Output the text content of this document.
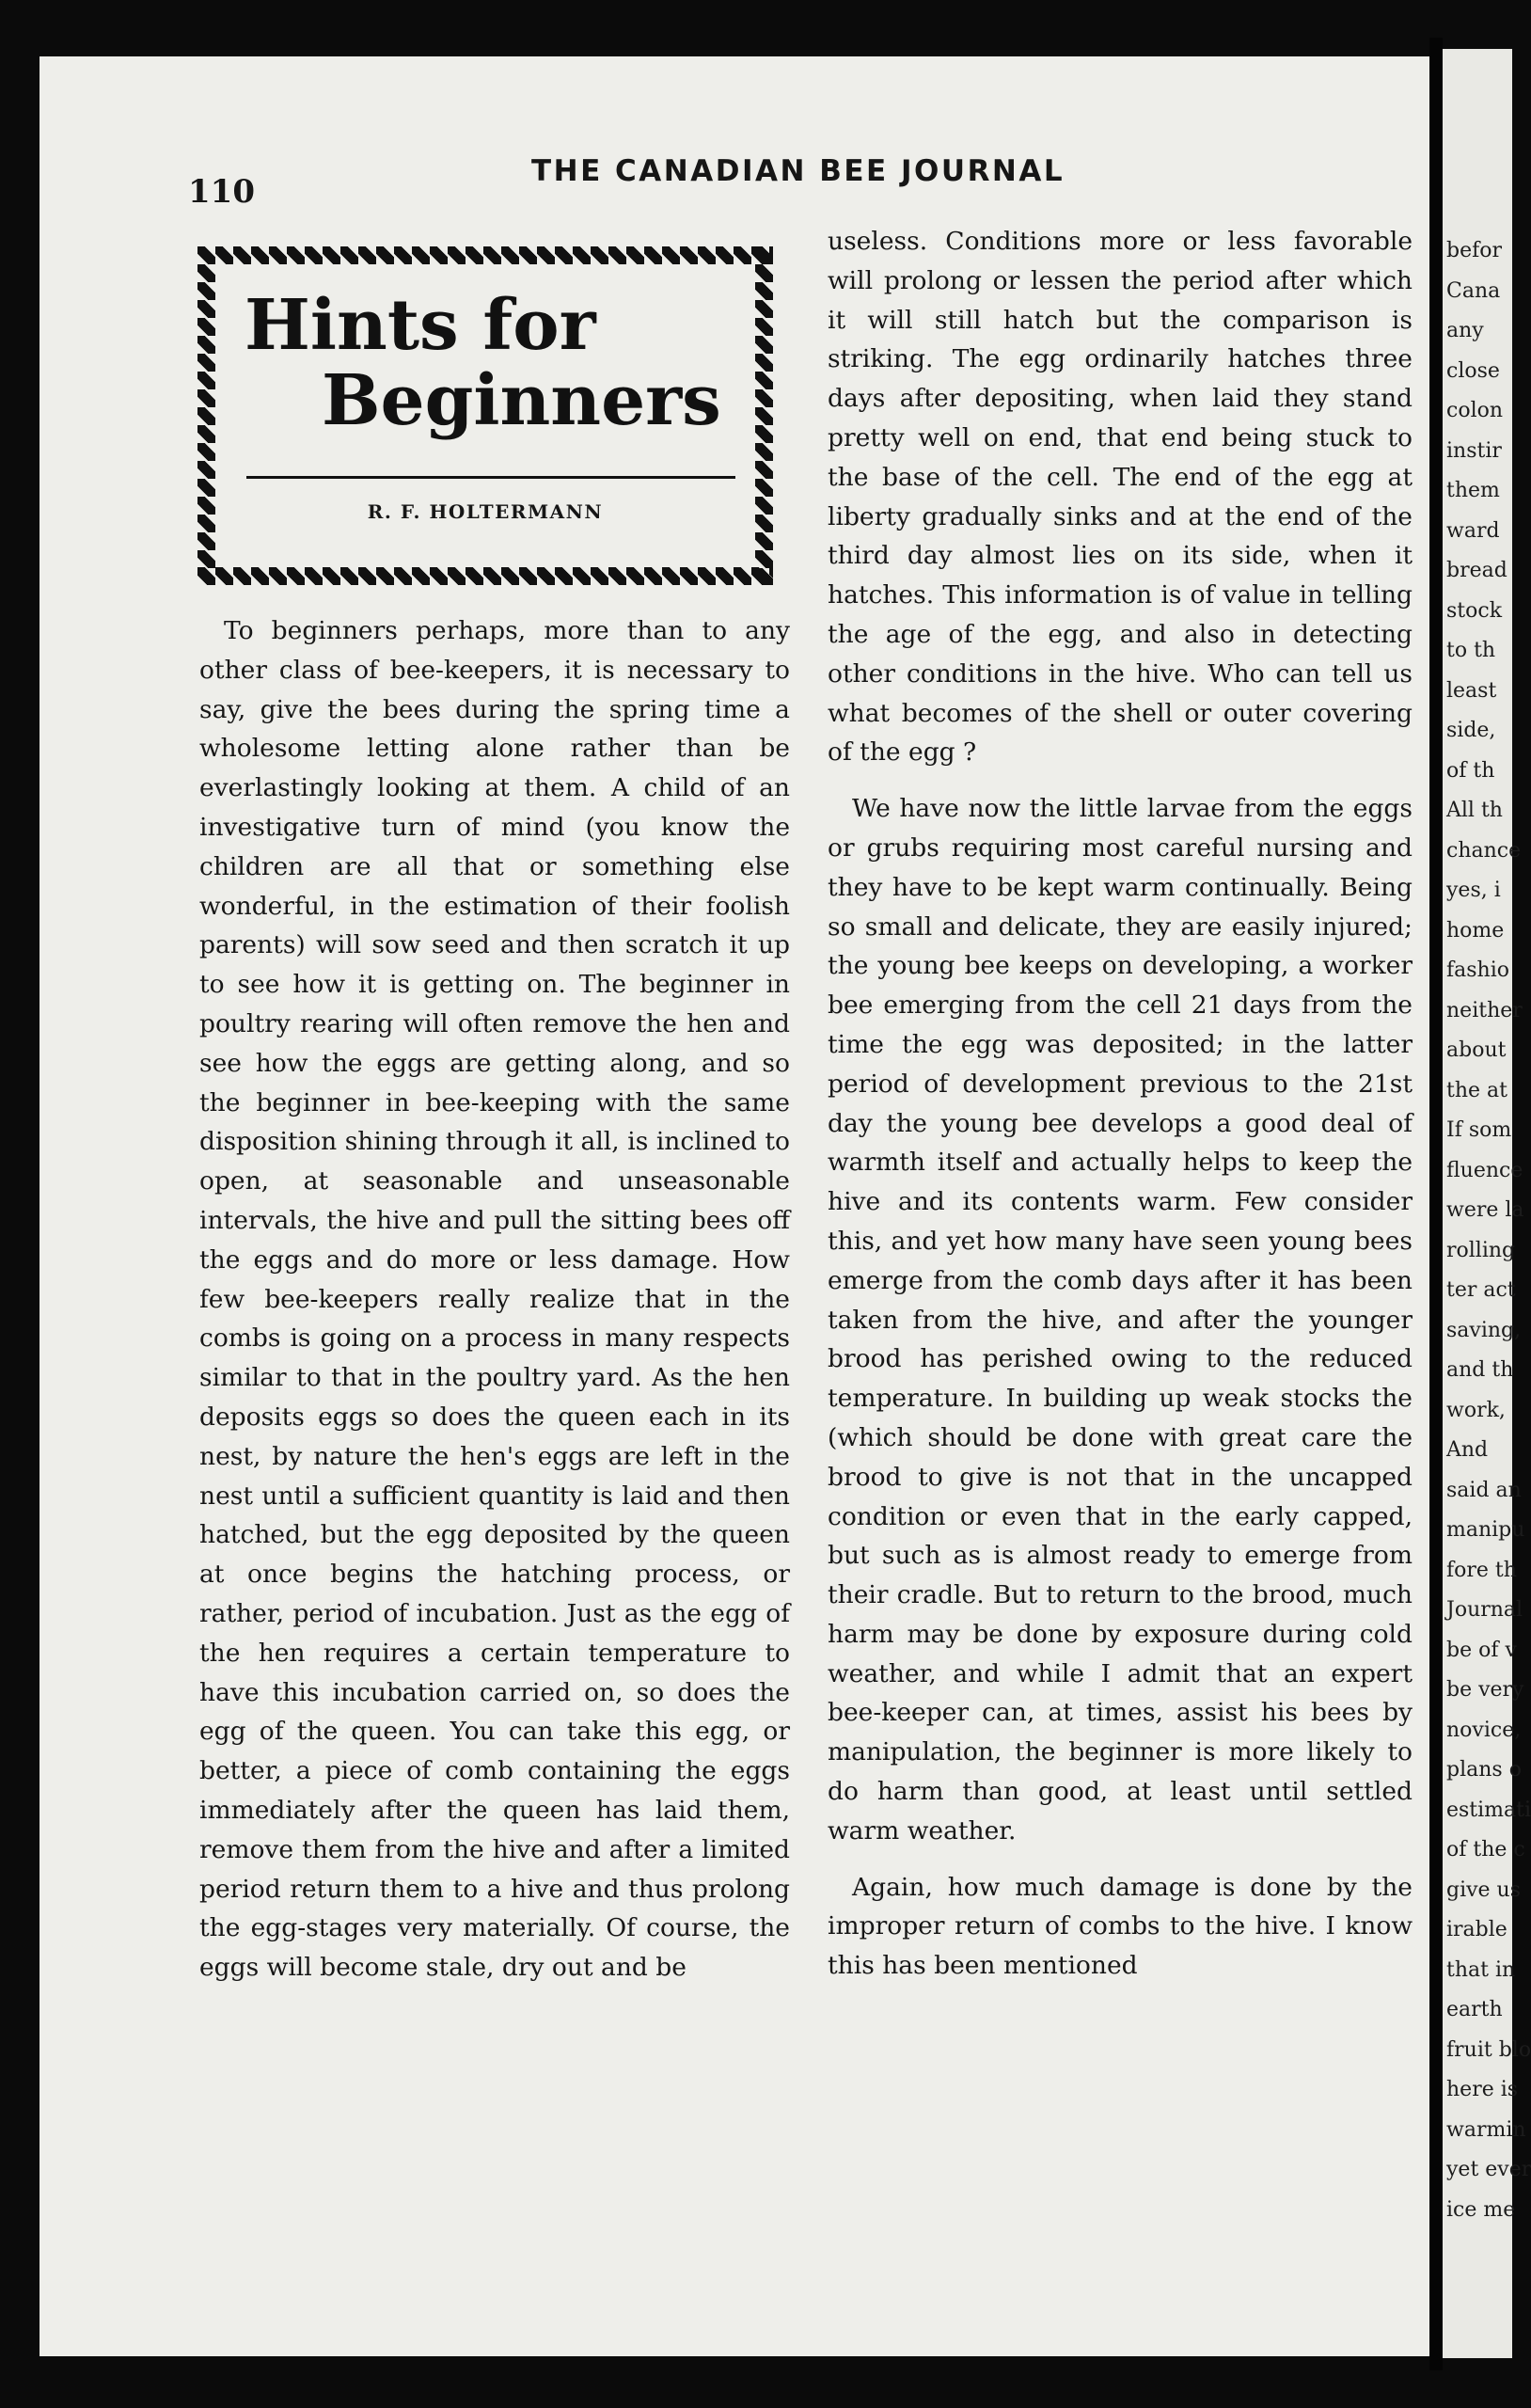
befor
Cana
any
close
colon
instir
them
ward
bread
stock
to th
least
side,
of th
All th
chance
yes, i
home
fashio
neither
about
the at
If som
fluence
were la
rolling
ter act
saving,
and th
work,
And
said an
manipu
fore th
Journal
be of v
be very
novice,
plans o
estimati
of the c
give us
irable
that in
earth
fruit blo
here is
warmin
yet ever
ice me
110
THE CANADIAN BEE JOURNAL
Hints for
Beginners
R. F. HOLTERMANN

To beginners perhaps, more than to any other class of bee-keepers, it is necessary to say, give the bees during the spring time a wholesome letting alone rather than be everlastingly looking at them. A child of an investigative turn of mind (you know the children are all that or something else wonderful, in the estimation of their foolish parents) will sow seed and then scratch it up to see how it is getting on. The beginner in poultry rearing will often remove the hen and see how the eggs are getting along, and so the beginner in bee-keeping with the same disposition shining through it all, is inclined to open, at seasonable and unseasonable intervals, the hive and pull the sitting bees off the eggs and do more or less damage. How few bee-keepers really realize that in the combs is going on a process in many respects similar to that in the poultry yard. As the hen deposits eggs so does the queen each in its nest, by nature the hen's eggs are left in the nest until a sufficient quantity is laid and then hatched, but the egg deposited by the queen at once begins the hatching process, or rather, period of incubation. Just as the egg of the hen requires a certain temperature to have this incubation carried on, so does the egg of the queen. You can take this egg, or better, a piece of comb containing the eggs immediately after the queen has laid them, remove them from the hive and after a limited period return them to a hive and thus prolong the egg-stages very materially. Of course, the eggs will become stale, dry out and be

useless. Conditions more or less favorable will prolong or lessen the period after which it will still hatch but the comparison is striking. The egg ordinarily hatches three days after depositing, when laid they stand pretty well on end, that end being stuck to the base of the cell. The end of the egg at liberty gradually sinks and at the end of the third day almost lies on its side, when it hatches. This information is of value in telling the age of the egg, and also in detecting other conditions in the hive. Who can tell us what becomes of the shell or outer covering of the egg ?

We have now the little larvae from the eggs or grubs requiring most careful nursing and they have to be kept warm continually. Being so small and delicate, they are easily injured; the young bee keeps on developing, a worker bee emerging from the cell 21 days from the time the egg was deposited; in the latter period of development previous to the 21st day the young bee develops a good deal of warmth itself and actually helps to keep the hive and its contents warm. Few consider this, and yet how many have seen young bees emerge from the comb days after it has been taken from the hive, and after the younger brood has perished owing to the reduced temperature. In building up weak stocks the (which should be done with great care the brood to give is not that in the uncapped condition or even that in the early capped, but such as is almost ready to emerge from their cradle. But to return to the brood, much harm may be done by exposure during cold weather, and while I admit that an expert bee-keeper can, at times, assist his bees by manipulation, the beginner is more likely to do harm than good, at least until settled warm weather.

Again, how much damage is done by the improper return of combs to the hive. I know this has been mentioned
